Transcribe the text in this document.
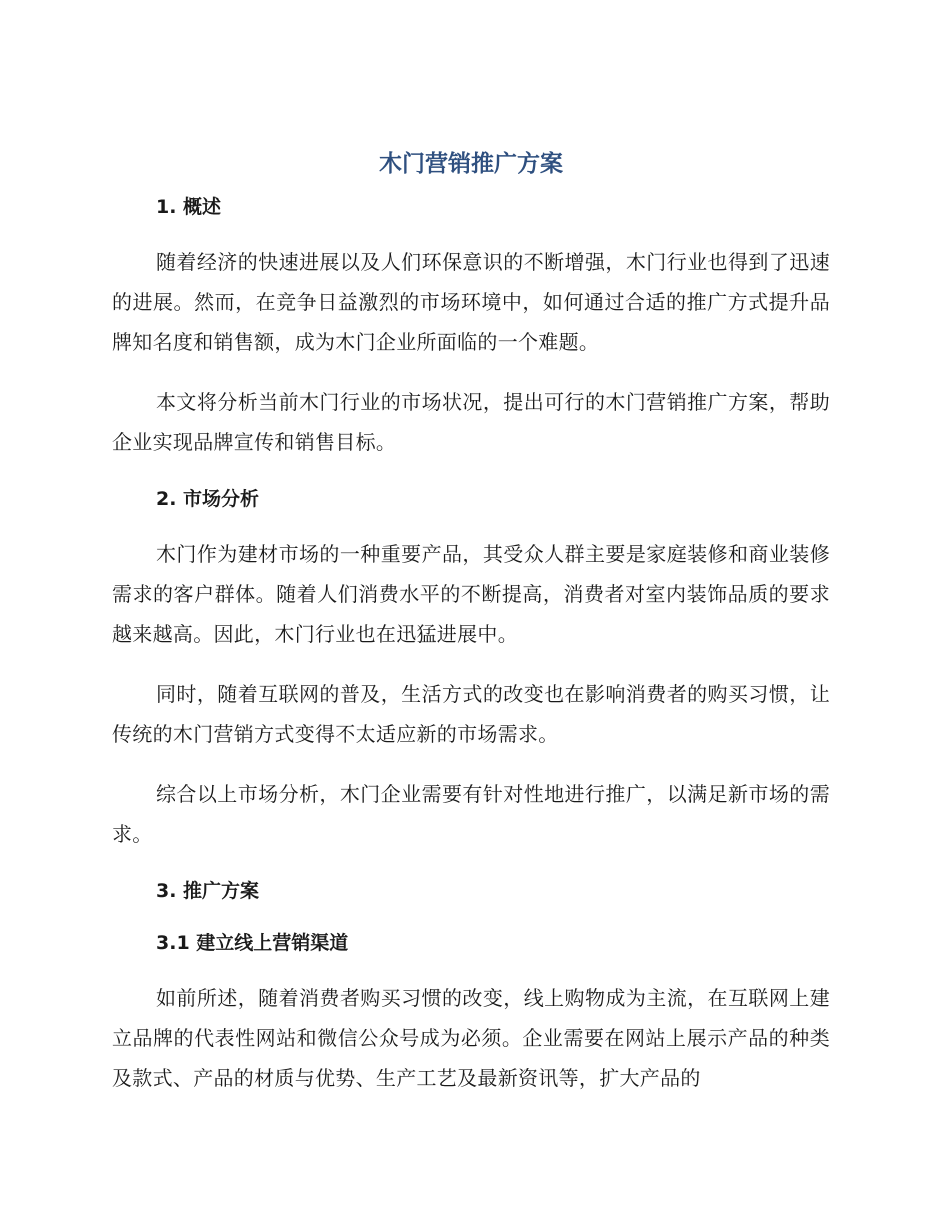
木门营销推广方案
1. 概述

随着经济的快速进展以及人们环保意识的不断增强，木门行业也得到了迅速的进展。然而，在竞争日益激烈的市场环境中，如何通过合适的推广方式提升品牌知名度和销售额，成为木门企业所面临的一个难题。

本文将分析当前木门行业的市场状况，提出可行的木门营销推广方案，帮助企业实现品牌宣传和销售目标。

2. 市场分析

木门作为建材市场的一种重要产品，其受众人群主要是家庭装修和商业装修需求的客户群体。随着人们消费水平的不断提高，消费者对室内装饰品质的要求越来越高。因此，木门行业也在迅猛进展中。

同时，随着互联网的普及，生活方式的改变也在影响消费者的购买习惯，让传统的木门营销方式变得不太适应新的市场需求。

综合以上市场分析，木门企业需要有针对性地进行推广，以满足新市场的需求。

3. 推广方案
3.1 建立线上营销渠道

如前所述，随着消费者购买习惯的改变，线上购物成为主流，在互联网上建立品牌的代表性网站和微信公众号成为必须。企业需要在网站上展示产品的种类及款式、产品的材质与优势、生产工艺及最新资讯等，扩大产品的
